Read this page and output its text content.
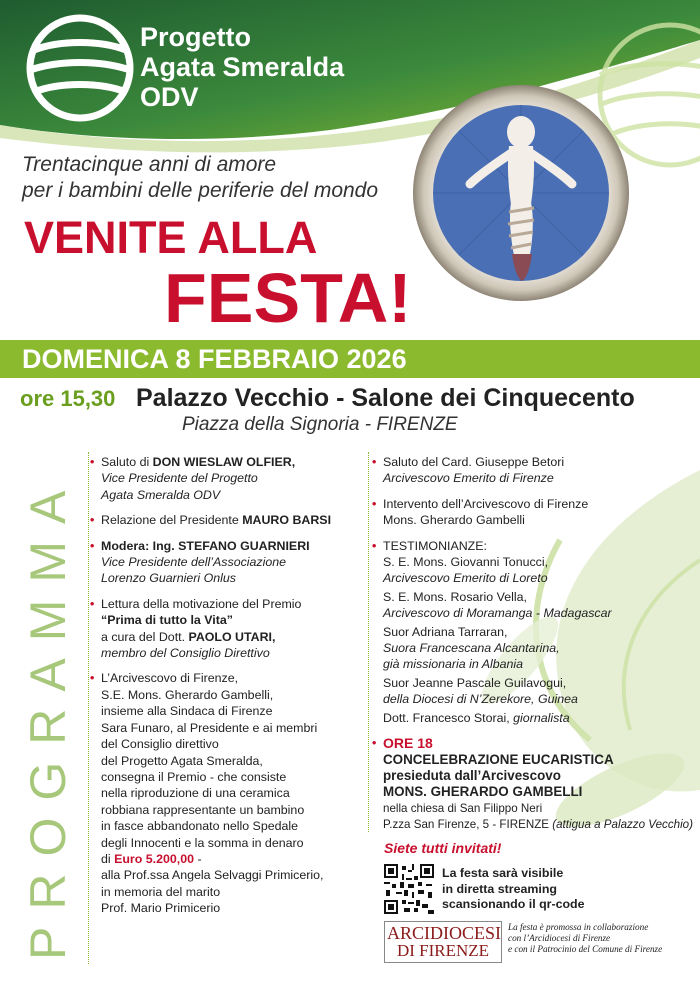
Progetto
Agata Smeralda
ODV
Trentacinque anni di amore
per i bambini delle periferie del mondo
VENITE ALLA
FESTA!
DOMENICA 8 FEBBRAIO 2026
ore 15,30 Palazzo Vecchio - Salone dei Cinquecento
Piazza della Signoria - FIRENZE
PROGRAMMA
• Saluto di DON WIESLAW OLFIER,
Vice Presidente del Progetto
Agata Smeralda ODV
• Relazione del Presidente MAURO BARSI
• Modera: Ing. STEFANO GUARNIERI
Vice Presidente dell’Associazione
Lorenzo Guarnieri Onlus
• Lettura della motivazione del Premio
“Prima di tutto la Vita”
a cura del Dott. PAOLO UTARI,
membro del Consiglio Direttivo
• L’Arcivescovo di Firenze,
S.E. Mons. Gherardo Gambelli,
insieme alla Sindaca di Firenze
Sara Funaro, al Presidente e ai membri
del Consiglio direttivo
del Progetto Agata Smeralda,
consegna il Premio - che consiste
nella riproduzione di una ceramica
robbiana rappresentante un bambino
in fasce abbandonato nello Spedale
degli Innocenti e la somma in denaro
di Euro 5.200,00 -
alla Prof.ssa Angela Selvaggi Primicerio,
in memoria del marito
Prof. Mario Primicerio
• Saluto del Card. Giuseppe Betori
Arcivescovo Emerito di Firenze
• Intervento dell’Arcivescovo di Firenze
Mons. Gherardo Gambelli
• TESTIMONIANZE:
S. E. Mons. Giovanni Tonucci,
Arcivescovo Emerito di Loreto
S. E. Mons. Rosario Vella,
Arcivescovo di Moramanga - Madagascar
Suor Adriana Tarraran,
Suora Francescana Alcantarina,
già missionaria in Albania
Suor Jeanne Pascale Guilavogui,
della Diocesi di N’Zerekore, Guinea
Dott. Francesco Storai, giornalista
• ORE 18
CONCELEBRAZIONE EUCARISTICA
presieduta dall’Arcivescovo
MONS. GHERARDO GAMBELLI
nella chiesa di San Filippo Neri
P.zza San Firenze, 5 - FIRENZE (attigua a Palazzo Vecchio)
Siete tutti invitati!
La festa sarà visibile
in diretta streaming
scansionando il qr-code
ARCIDIOCESI
DI FIRENZE
La festa è promossa in collaborazione
con l’Arcidiocesi di Firenze
e con il Patrocinio del Comune di Firenze
